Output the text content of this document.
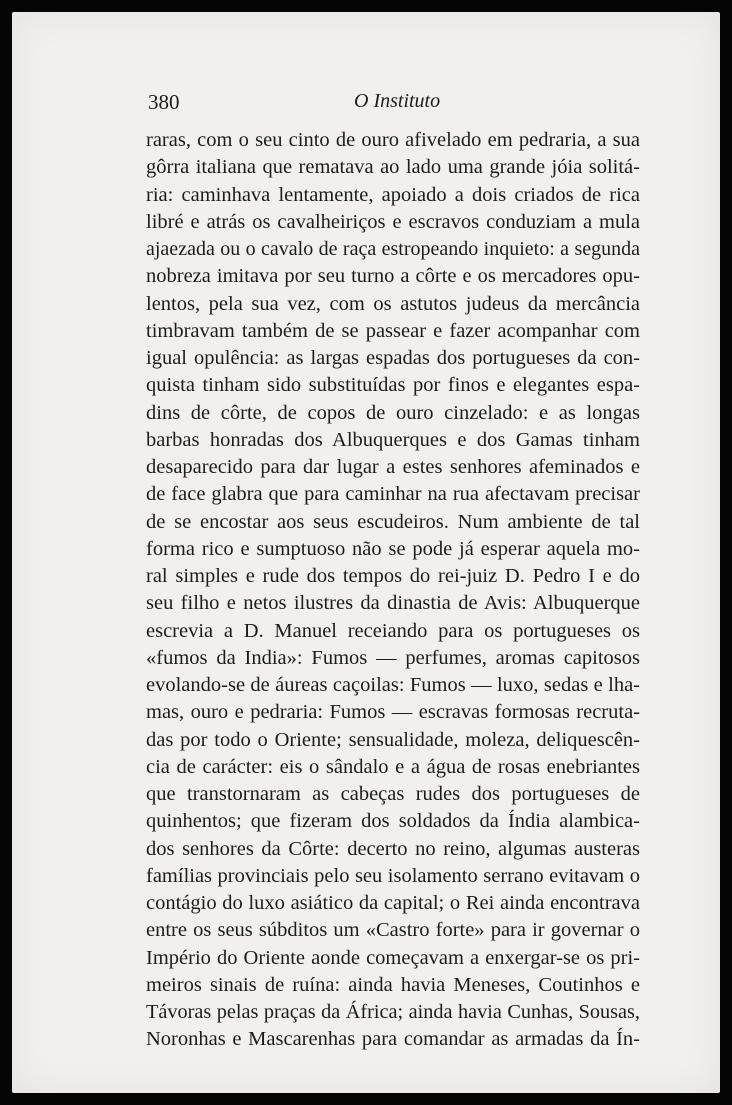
380	O Instituto
raras, com o seu cinto de ouro afivelado em pedraria, a sua
gôrra italiana que rematava ao lado uma grande jóia solitá-
ria: caminhava lentamente, apoiado a dois criados de rica
libré e atrás os cavalheiriços e escravos conduziam a mula
ajaezada ou o cavalo de raça estropeando inquieto: a segunda
nobreza imitava por seu turno a côrte e os mercadores opu-
lentos, pela sua vez, com os astutos judeus da mercância
timbravam também de se passear e fazer acompanhar com
igual opulência: as largas espadas dos portugueses da con-
quista tinham sido substituídas por finos e elegantes espa-
dins de côrte, de copos de ouro cinzelado: e as longas
barbas honradas dos Albuquerques e dos Gamas tinham
desaparecido para dar lugar a estes senhores afeminados e
de face glabra que para caminhar na rua afectavam precisar
de se encostar aos seus escudeiros. Num ambiente de tal
forma rico e sumptuoso não se pode já esperar aquela mo-
ral simples e rude dos tempos do rei-juiz D. Pedro I e do
seu filho e netos ilustres da dinastia de Avis: Albuquerque
escrevia a D. Manuel receiando para os portugueses os
«fumos da India»: Fumos — perfumes, aromas capitosos
evolando-se de áureas caçoilas: Fumos — luxo, sedas e lha-
mas, ouro e pedraria: Fumos — escravas formosas recruta-
das por todo o Oriente; sensualidade, moleza, deliquescên-
cia de carácter: eis o sândalo e a água de rosas enebriantes
que transtornaram as cabeças rudes dos portugueses de
quinhentos; que fizeram dos soldados da Índia alambica-
dos senhores da Côrte: decerto no reino, algumas austeras
famílias provinciais pelo seu isolamento serrano evitavam o
contágio do luxo asiático da capital; o Rei ainda encontrava
entre os seus súbditos um «Castro forte» para ir governar o
Império do Oriente aonde começavam a enxergar-se os pri-
meiros sinais de ruína: ainda havia Meneses, Coutinhos e
Távoras pelas praças da África; ainda havia Cunhas, Sousas,
Noronhas e Mascarenhas para comandar as armadas da Ín-
